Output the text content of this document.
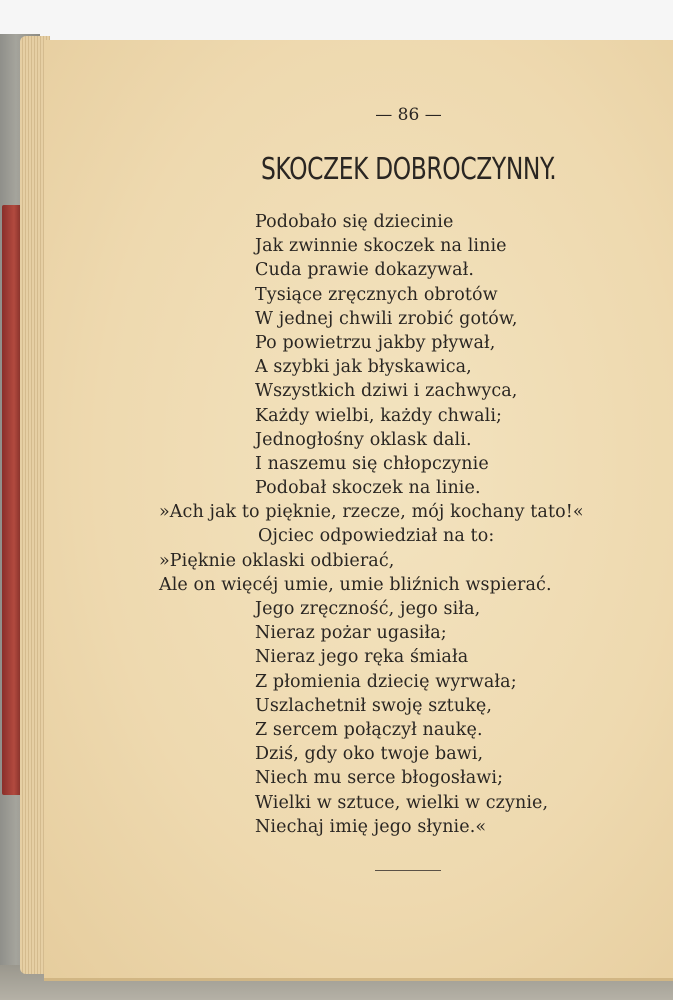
— 86 —

SKOCZEK DOBROCZYNNY.
Podobało się dziecinie
Jak zwinnie skoczek na linie
Cuda prawie dokazywał.
Tysiące zręcznych obrotów
W jednej chwili zrobić gotów,
Po powietrzu jakby pływał,
A szybki jak błyskawica,
Wszystkich dziwi i zachwyca,
Każdy wielbi, każdy chwali;
Jednogłośny oklask dali.
I naszemu się chłopczynie
Podobał skoczek na linie.
»Ach jak to pięknie, rzecze, mój kochany tato!«
Ojciec odpowiedział na to:
»Pięknie oklaski odbierać,
Ale on więcéj umie, umie bliźnich wspierać.
Jego zręczność, jego siła,
Nieraz pożar ugasiła;
Nieraz jego ręka śmiała
Z płomienia dziecię wyrwała;
Uszlachetnił swoję sztukę,
Z sercem połączył naukę.
Dziś, gdy oko twoje bawi,
Niech mu serce błogosławi;
Wielki w sztuce, wielki w czynie,
Niechaj imię jego słynie.«
